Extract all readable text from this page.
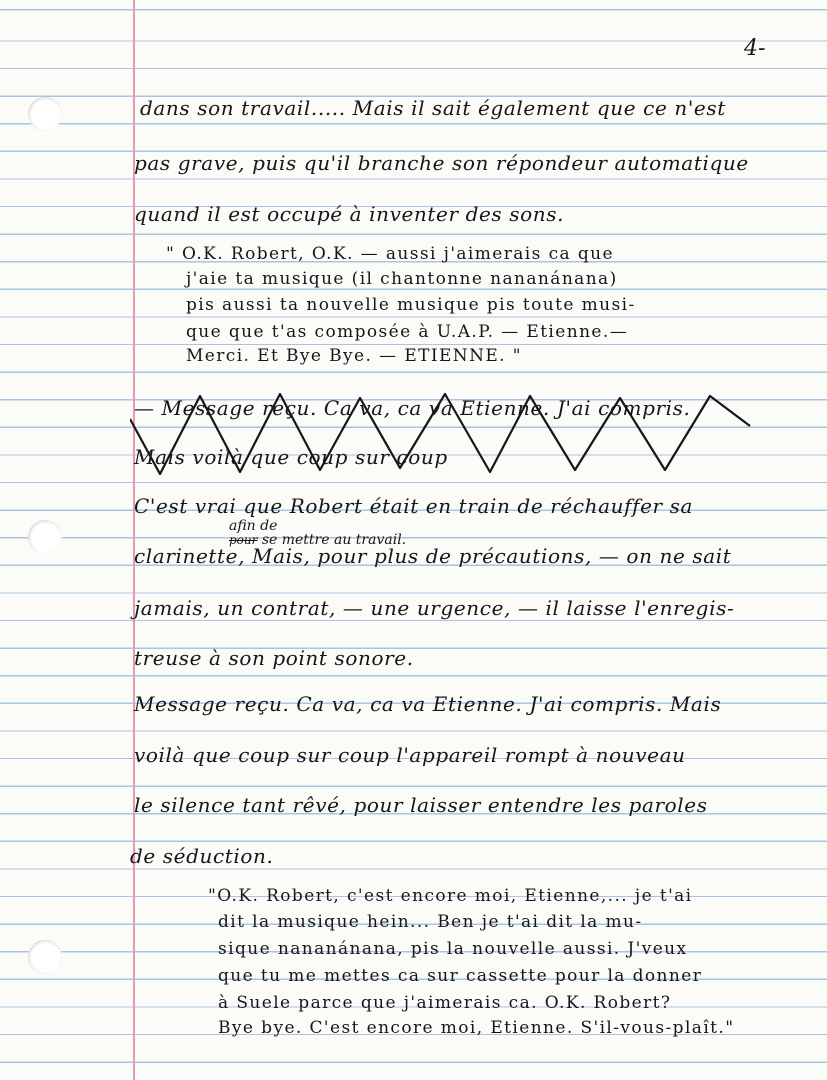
4-
dans son travail..... Mais il sait également que ce n'est
pas grave, puis qu'il branche son répondeur automatique
quand il est occupé à inventer des sons.
" O.K. Robert, O.K. — aussi j'aimerais ca que
j'aie ta musique (il chantonne nananánana)
pis aussi ta nouvelle musique pis toute musi-
que que t'as composée à U.A.P. — Etienne.—
Merci. Et Bye Bye. — ETIENNE. "
— Message reçu. Ca va, ca va Etienne. J'ai compris.
Mais voilà que coup sur coup
afin de
pour se mettre au travail.
C'est vrai que Robert était en train de réchauffer sa
clarinette, Mais, pour plus de précautions, — on ne sait
jamais, un contrat, — une urgence, — il laisse l'enregis-
treuse à son point sonore.
Message reçu. Ca va, ca va Etienne. J'ai compris. Mais
voilà que coup sur coup l'appareil rompt à nouveau
le silence tant rêvé, pour laisser entendre les paroles
de séduction.
"O.K. Robert, c'est encore moi, Etienne,... je t'ai
dit la musique hein... Ben je t'ai dit la mu-
sique nananánana, pis la nouvelle aussi. J'veux
que tu me mettes ca sur cassette pour la donner
à Suele parce que j'aimerais ca. O.K. Robert?
Bye bye. C'est encore moi, Etienne. S'il-vous-plaît."
